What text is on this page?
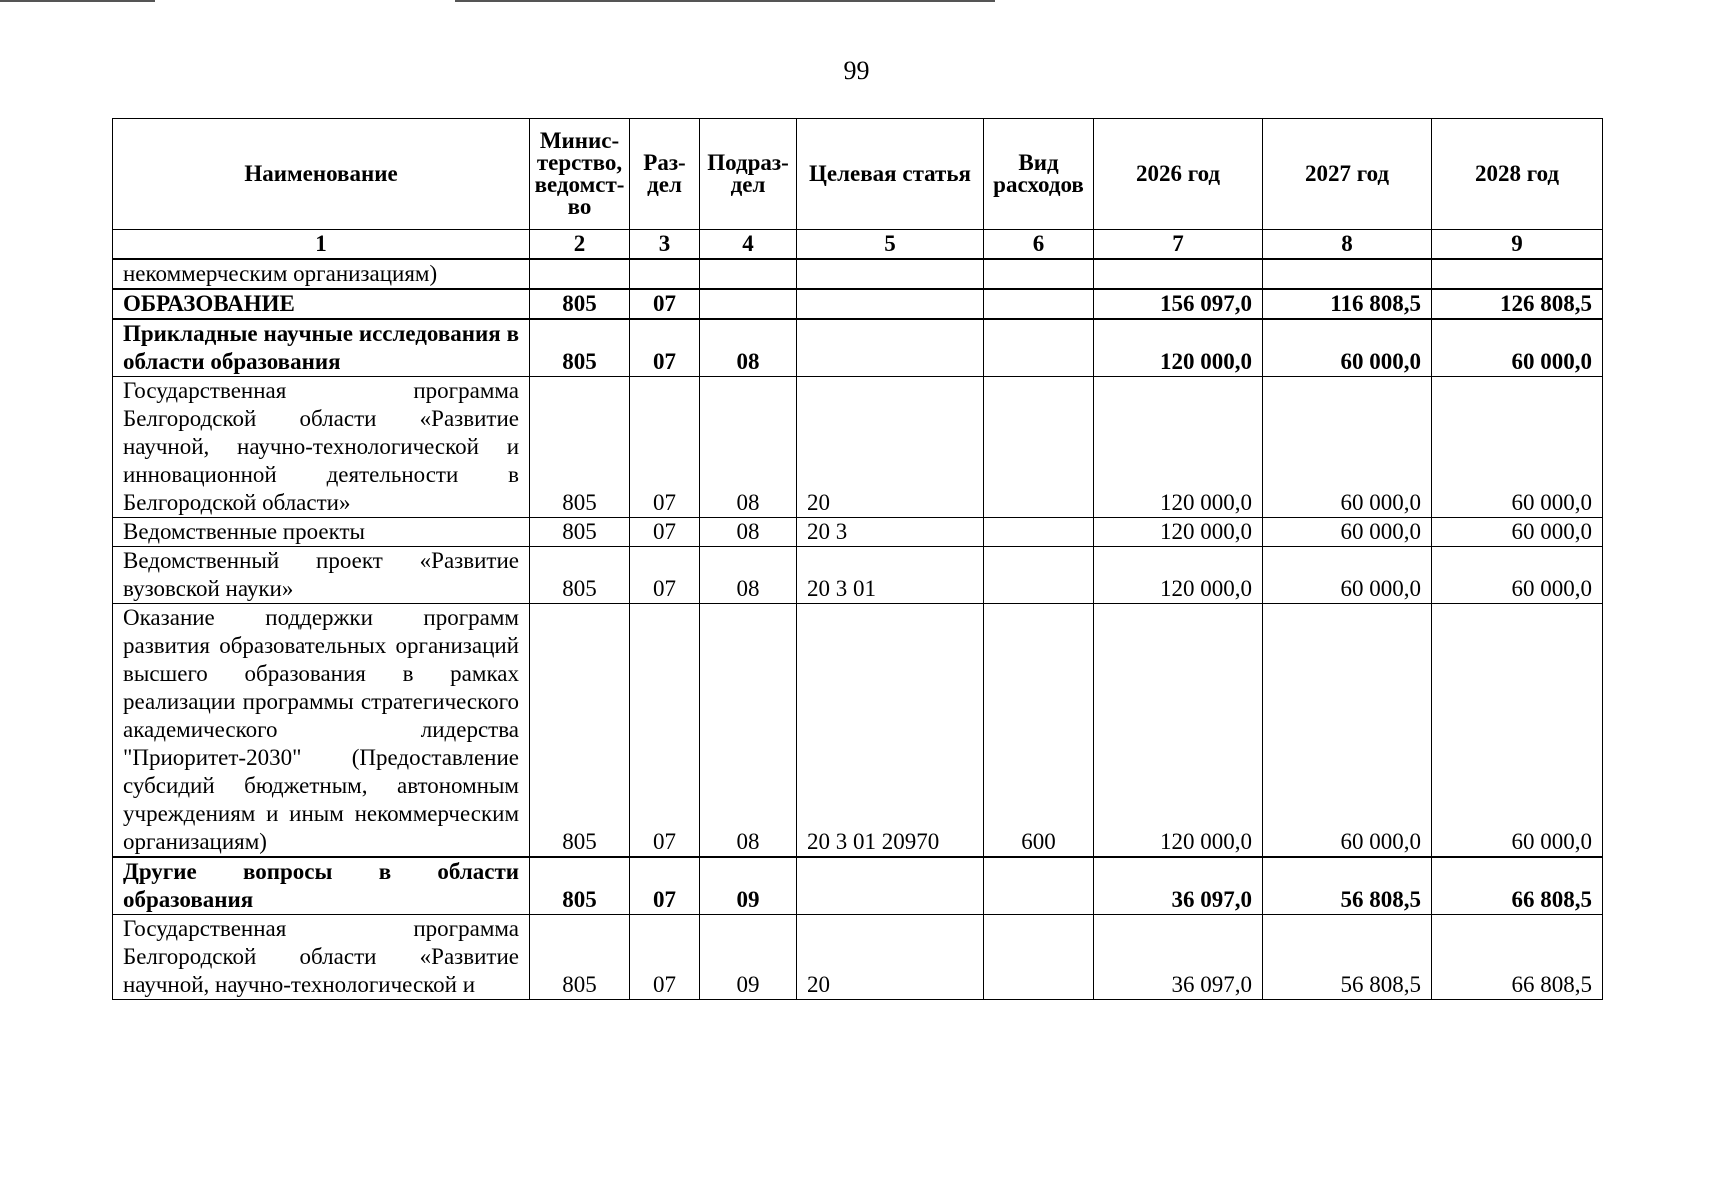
99
Наименование	Минис-терство, ведомст-во	Раз-дел	Подраз-дел	Целевая статья	Вид расходов	2026 год	2027 год	2028 год
1	2	3	4	5	6	7	8	9
некоммерческим организациям)								
ОБРАЗОВАНИЕ	805	07				156 097,0	116 808,5	126 808,5
Прикладные научные исследования в области образования	805	07	08			120 000,0	60 000,0	60 000,0
Государственная программа Белгородской области «Развитие научной, научно-технологической и инновационной деятельности в Белгородской области»	805	07	08	20		120 000,0	60 000,0	60 000,0
Ведомственные проекты	805	07	08	20 3		120 000,0	60 000,0	60 000,0
Ведомственный проект «Развитие вузовской науки»	805	07	08	20 3 01		120 000,0	60 000,0	60 000,0
Оказание поддержки программ развития образовательных организаций высшего образования в рамках реализации программы стратегического академического лидерства "Приоритет-2030" (Предоставление субсидий бюджетным, автономным учреждениям и иным некоммерческим организациям)	805	07	08	20 3 01 20970	600	120 000,0	60 000,0	60 000,0
Другие вопросы в области образования	805	07	09			36 097,0	56 808,5	66 808,5
Государственная программа Белгородской области «Развитие научной, научно-технологической и	805	07	09	20		36 097,0	56 808,5	66 808,5
